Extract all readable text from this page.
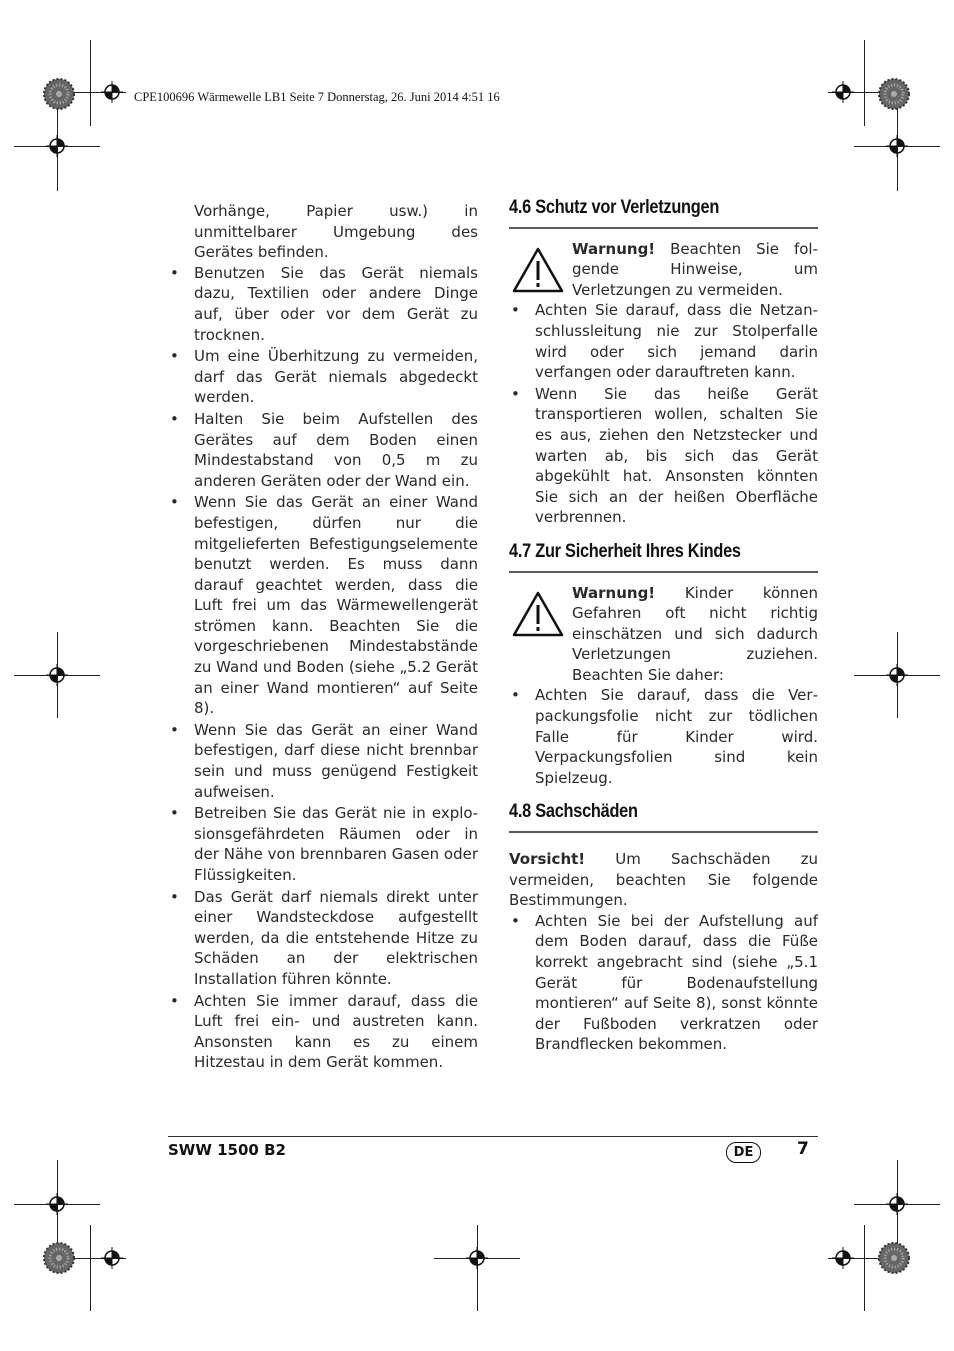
CPE100696 Wärmewelle LB1 Seite 7 Donnerstag, 26. Juni 2014 4:51 16
Vorhänge, Papier usw.) in unmittelbarer Umgebung des Gerätes befinden.
• Benutzen Sie das Gerät niemals dazu, Textilien oder andere Dinge auf, über oder vor dem Gerät zu trocknen.
• Um eine Überhitzung zu vermeiden, darf das Gerät niemals abgedeckt werden.
• Halten Sie beim Aufstellen des Gerätes auf dem Boden einen Mindestabstand von 0,5 m zu anderen Geräten oder der Wand ein.
• Wenn Sie das Gerät an einer Wand befestigen, dürfen nur die mitgelieferten Befestigungselemente benutzt werden. Es muss dann darauf geachtet werden, dass die Luft frei um das Wärmewellengerät strömen kann. Beachten Sie die vorgeschriebenen Mindestabstände zu Wand und Boden (siehe „5.2 Gerät an einer Wand montieren“ auf Seite 8).
• Wenn Sie das Gerät an einer Wand befestigen, darf diese nicht brennbar sein und muss genügend Festigkeit aufweisen.
• Betreiben Sie das Gerät nie in explosionsgefährdeten Räumen oder in der Nähe von brennbaren Gasen oder Flüssigkeiten.
• Das Gerät darf niemals direkt unter einer Wandsteckdose aufgestellt werden, da die entstehende Hitze zu Schäden an der elektrischen Installation führen könnte.
• Achten Sie immer darauf, dass die Luft frei ein- und austreten kann. Ansonsten kann es zu einem Hitzestau in dem Gerät kommen.
4.6 Schutz vor Verletzungen
Warnung! Beachten Sie folgende Hinweise, um Verletzungen zu vermeiden.
• Achten Sie darauf, dass die Netzanschlussleitung nie zur Stolperfalle wird oder sich jemand darin verfangen oder darauftreten kann.
• Wenn Sie das heiße Gerät transportieren wollen, schalten Sie es aus, ziehen den Netzstecker und warten ab, bis sich das Gerät abgekühlt hat. Ansonsten könnten Sie sich an der heißen Oberfläche verbrennen.
4.7 Zur Sicherheit Ihres Kindes
Warnung! Kinder können Gefahren oft nicht richtig einschätzen und sich dadurch Verletzungen zuziehen. Beachten Sie daher:
• Achten Sie darauf, dass die Verpackungsfolie nicht zur tödlichen Falle für Kinder wird. Verpackungsfolien sind kein Spielzeug.
4.8 Sachschäden

Vorsicht! Um Sachschäden zu vermeiden, beachten Sie folgende Bestimmungen.

• Achten Sie bei der Aufstellung auf dem Boden darauf, dass die Füße korrekt angebracht sind (siehe „5.1 Gerät für Bodenaufstellung montieren“ auf Seite 8), sonst könnte der Fußboden verkratzen oder Brandflecken bekommen.
SWW 1500 B2	DE	7
